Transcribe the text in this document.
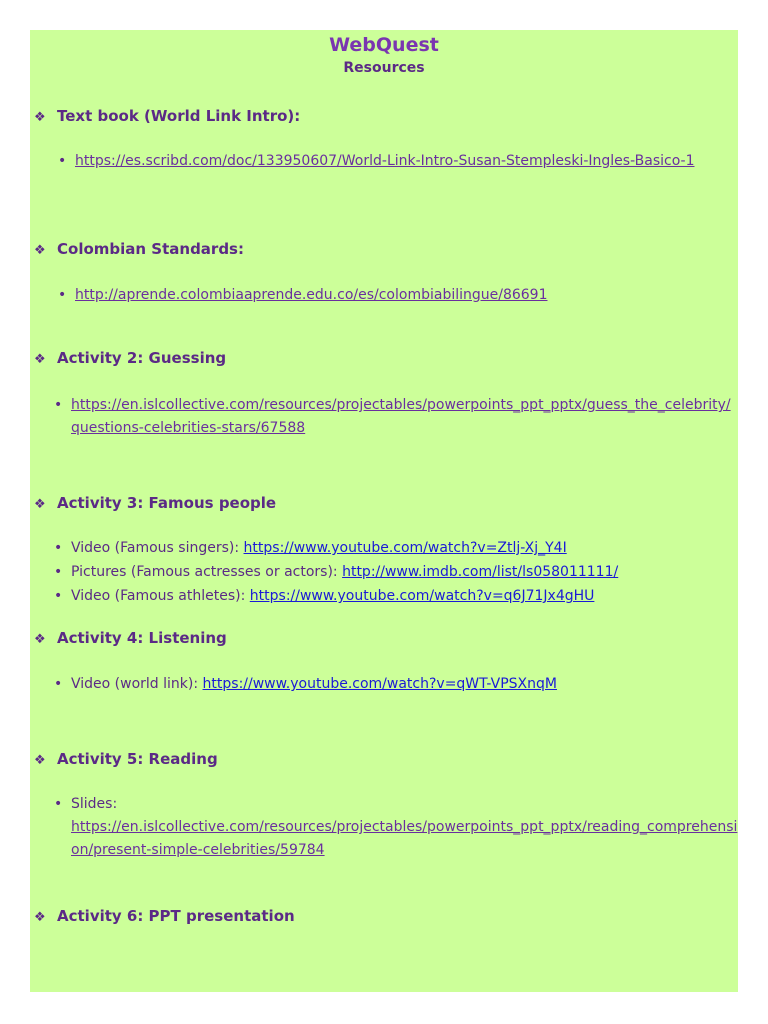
WebQuest
Resources
❖ Text book (World Link Intro):
• https://es.scribd.com/doc/133950607/World-Link-Intro-Susan-Stempleski-Ingles-Basico-1
❖ Colombian Standards:
• http://aprende.colombiaaprende.edu.co/es/colombiabilingue/86691
❖ Activity 2: Guessing
• https://en.islcollective.com/resources/projectables/powerpoints_ppt_pptx/guess_the_celebrity/questions-celebrities-stars/67588
❖ Activity 3: Famous people
• Video (Famous singers): https://www.youtube.com/watch?v=Ztlj-Xj_Y4I
• Pictures (Famous actresses or actors): http://www.imdb.com/list/ls058011111/
• Video (Famous athletes): https://www.youtube.com/watch?v=q6J71Jx4gHU
❖ Activity 4: Listening
• Video (world link): https://www.youtube.com/watch?v=qWT-VPSXnqM
❖ Activity 5: Reading
• Slides:
https://en.islcollective.com/resources/projectables/powerpoints_ppt_pptx/reading_comprehension/present-simple-celebrities/59784
❖ Activity 6: PPT presentation
